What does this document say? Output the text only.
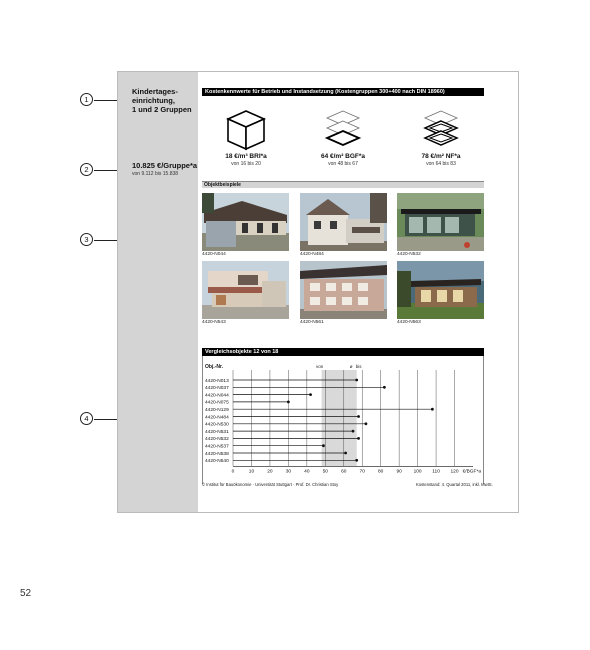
1
2
3
4
52
Kindertages-
einrichtung,
1 und 2 Gruppen
10.825 €/Gruppe*a
von 9.112 bis 15.838
Kostenkennwerte für Betrieb und Instandsetzung (Kostengruppen 300+400 nach DIN 18960)
18 €/m³ BRI*a
von 16 bis 20
64 €/m² BGF*a
von 48 bis 67
78 €/m² NF*a
von 64 bis 83
Objektbeispiele
4420-N044	4420-N484	4420-N532
4420-N543	4420-N561	4420-N563
Vergleichsobjekte 12 von 18
Obj.-Nr.	von	ø bis
4420-N013
4420-N037
4420-N044
4420-N075
4420-N129
4420-N484
4420-N530
4420-N531
4420-N532
4420-N537
4420-N538
4420-N540
0	10	20	30	40	50	60	70	80	90 100 110 120 €/BGF*a
© Institut für Bauökonomie · Universität Stuttgart · Prof. Dr. Christian Stoy	Kostenstand: 4. Quartal 2011, inkl. MwSt.
